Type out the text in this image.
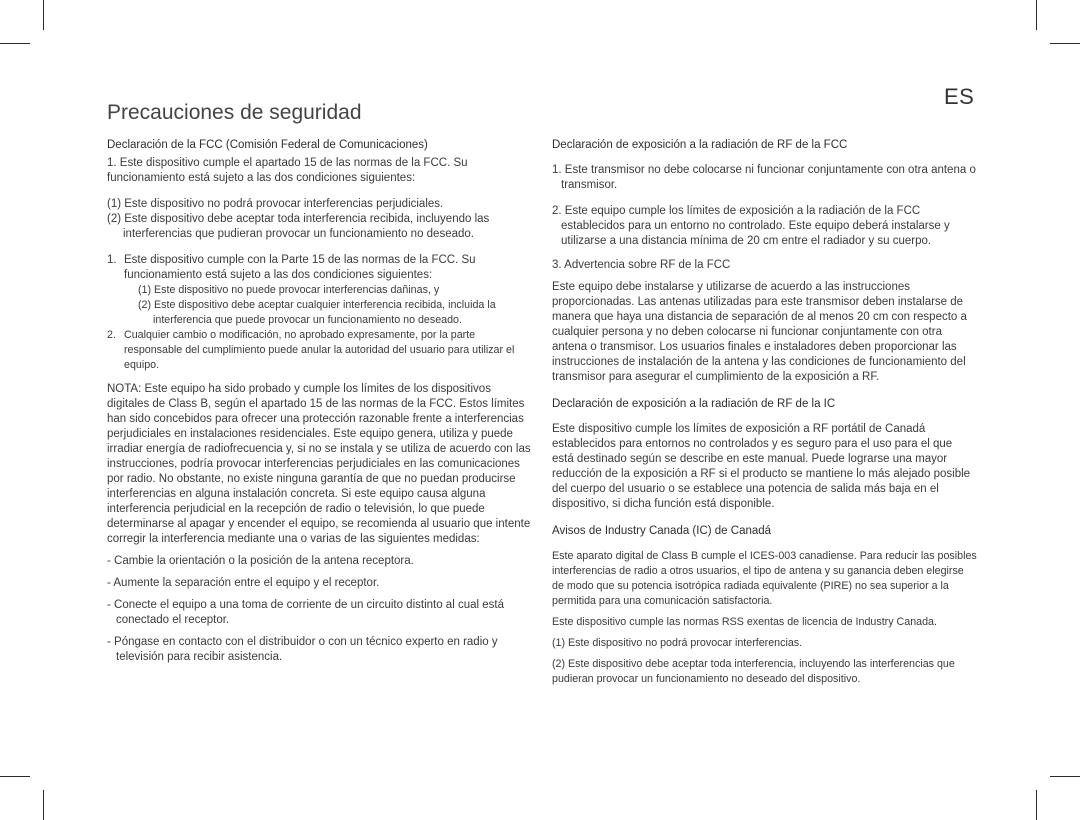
ES
Precauciones de seguridad

Declaración de la FCC (Comisión Federal de Comunicaciones)

1. Este dispositivo cumple el apartado 15 de las normas de la FCC. Su funcionamiento está sujeto a las dos condiciones siguientes:

(1) Este dispositivo no podrá provocar interferencias perjudiciales.

(2) Este dispositivo debe aceptar toda interferencia recibida, incluyendo las interferencias que pudieran provocar un funcionamiento no deseado.

1. Este dispositivo cumple con la Parte 15 de las normas de la FCC. Su funcionamiento está sujeto a las dos condiciones siguientes:

(1) Este dispositivo no puede provocar interferencias dañinas, y

(2) Este dispositivo debe aceptar cualquier interferencia recibida, incluida la interferencia que puede provocar un funcionamiento no deseado.

2. Cualquier cambio o modificación, no aprobado expresamente, por la parte responsable del cumplimiento puede anular la autoridad del usuario para utilizar el equipo.

NOTA: Este equipo ha sido probado y cumple los límites de los dispositivos digitales de Class B, según el apartado 15 de las normas de la FCC. Estos límites han sido concebidos para ofrecer una protección razonable frente a interferencias perjudiciales en instalaciones residenciales. Este equipo genera, utiliza y puede irradiar energía de radiofrecuencia y, si no se instala y se utiliza de acuerdo con las instrucciones, podría provocar interferencias perjudiciales en las comunicaciones por radio. No obstante, no existe ninguna garantía de que no puedan producirse interferencias en alguna instalación concreta. Si este equipo causa alguna interferencia perjudicial en la recepción de radio o televisión, lo que puede determinarse al apagar y encender el equipo, se recomienda al usuario que intente corregir la interferencia mediante una o varias de las siguientes medidas:

- Cambie la orientación o la posición de la antena receptora.

- Aumente la separación entre el equipo y el receptor.

- Conecte el equipo a una toma de corriente de un circuito distinto al cual está conectado el receptor.

- Póngase en contacto con el distribuidor o con un técnico experto en radio y televisión para recibir asistencia.

Declaración de exposición a la radiación de RF de la FCC

1. Este transmisor no debe colocarse ni funcionar conjuntamente con otra antena o transmisor.

2. Este equipo cumple los límites de exposición a la radiación de la FCC establecidos para un entorno no controlado. Este equipo deberá instalarse y utilizarse a una distancia mínima de 20 cm entre el radiador y su cuerpo.

3. Advertencia sobre RF de la FCC

Este equipo debe instalarse y utilizarse de acuerdo a las instrucciones proporcionadas. Las antenas utilizadas para este transmisor deben instalarse de manera que haya una distancia de separación de al menos 20 cm con respecto a cualquier persona y no deben colocarse ni funcionar conjuntamente con otra antena o transmisor. Los usuarios finales e instaladores deben proporcionar las instrucciones de instalación de la antena y las condiciones de funcionamiento del transmisor para asegurar el cumplimiento de la exposición a RF.

Declaración de exposición a la radiación de RF de la IC

Este dispositivo cumple los límites de exposición a RF portátil de Canadá establecidos para entornos no controlados y es seguro para el uso para el que está destinado según se describe en este manual. Puede lograrse una mayor reducción de la exposición a RF si el producto se mantiene lo más alejado posible del cuerpo del usuario o se establece una potencia de salida más baja en el dispositivo, si dicha función está disponible.

Avisos de Industry Canada (IC) de Canadá

Este aparato digital de Class B cumple el ICES-003 canadiense. Para reducir las posibles interferencias de radio a otros usuarios, el tipo de antena y su ganancia deben elegirse de modo que su potencia isotrópica radiada equivalente (PIRE) no sea superior a la permitida para una comunicación satisfactoria.

Este dispositivo cumple las normas RSS exentas de licencia de Industry Canada.

(1) Este dispositivo no podrá provocar interferencias.

(2) Este dispositivo debe aceptar toda interferencia, incluyendo las interferencias que pudieran provocar un funcionamiento no deseado del dispositivo.
